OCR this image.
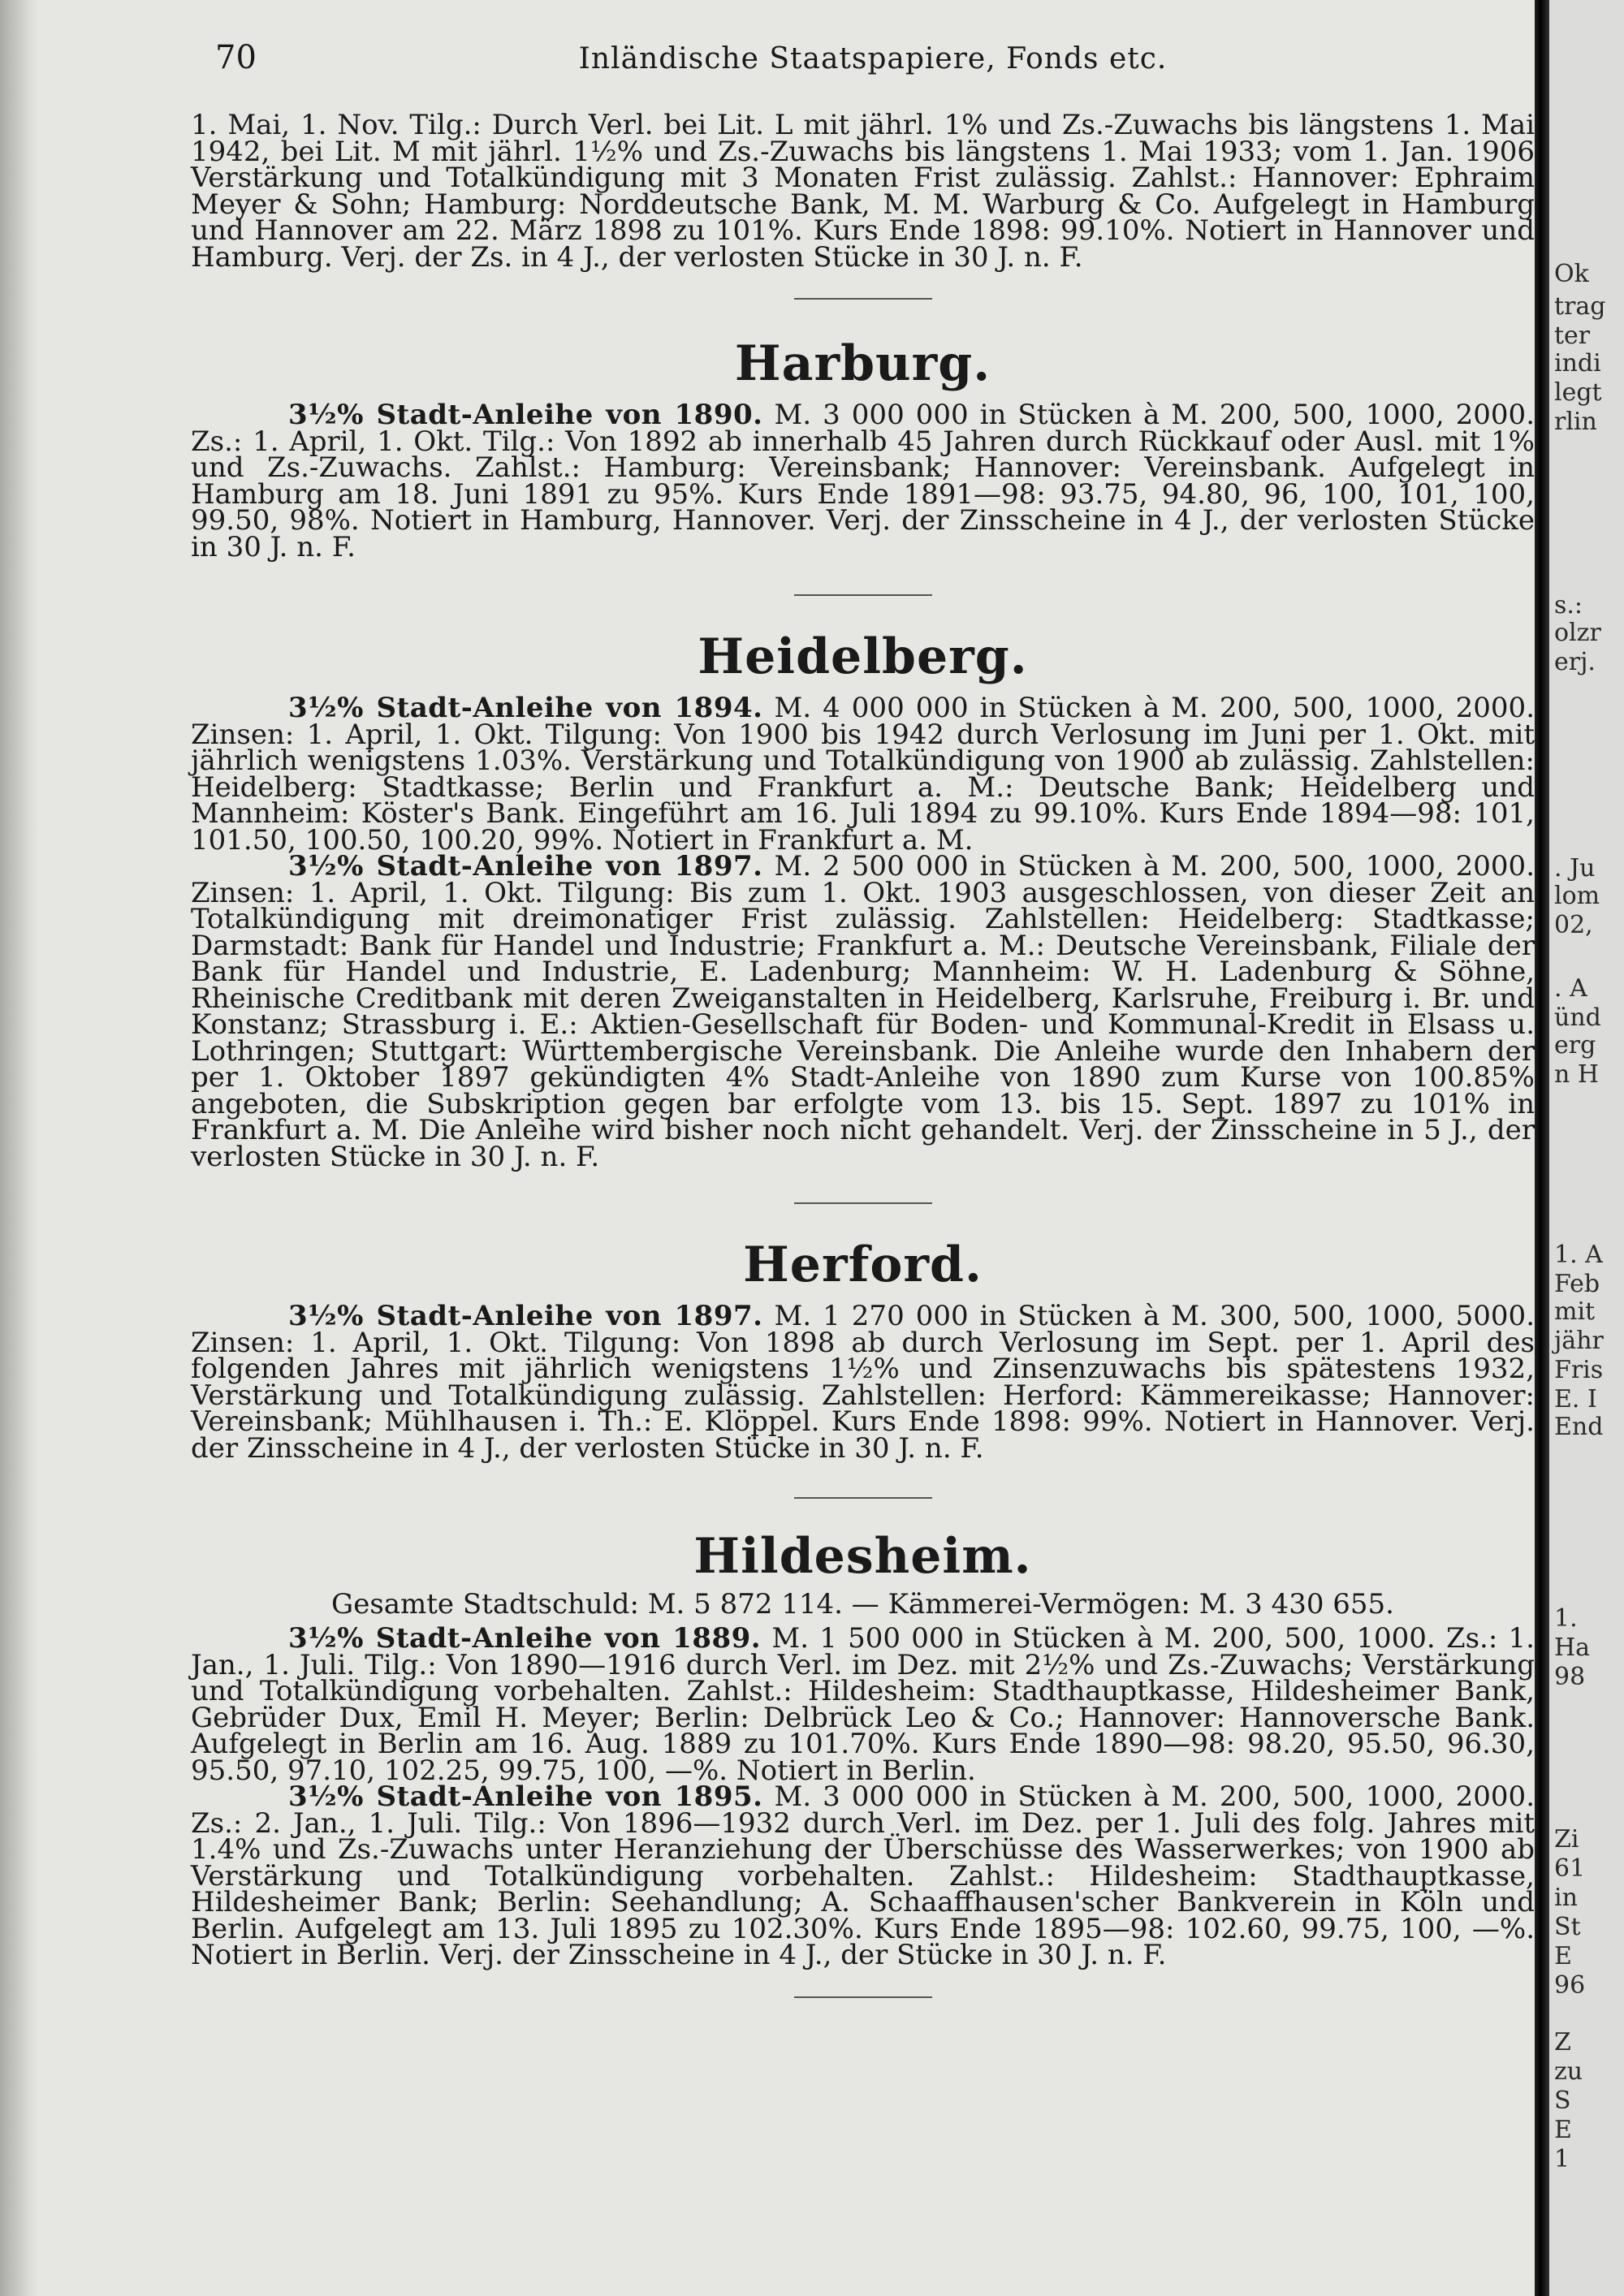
70	Inländische Staatspapiere, Fonds etc.

1. Mai, 1. Nov. Tilg.: Durch Verl. bei Lit. L mit jährl. 1% und Zs.-Zuwachs bis längstens 1. Mai 1942, bei Lit. M mit jährl. 1½% und Zs.-Zuwachs bis längstens 1. Mai 1933; vom 1. Jan. 1906 Verstärkung und Totalkündigung mit 3 Monaten Frist zulässig. Zahlst.: Hannover: Ephraim Meyer & Sohn; Hamburg: Norddeutsche Bank, M. M. Warburg & Co. Aufgelegt in Hamburg und Hannover am 22. März 1898 zu 101%. Kurs Ende 1898: 99.10%. Notiert in Hannover und Hamburg. Verj. der Zs. in 4 J., der verlosten Stücke in 30 J. n. F.

Harburg.

3½% Stadt-Anleihe von 1890. M. 3 000 000 in Stücken à M. 200, 500, 1000, 2000. Zs.: 1. April, 1. Okt. Tilg.: Von 1892 ab innerhalb 45 Jahren durch Rückkauf oder Ausl. mit 1% und Zs.-Zuwachs. Zahlst.: Hamburg: Vereinsbank; Hannover: Vereinsbank. Aufgelegt in Hamburg am 18. Juni 1891 zu 95%. Kurs Ende 1891—98: 93.75, 94.80, 96, 100, 101, 100, 99.50, 98%. Notiert in Hamburg, Hannover. Verj. der Zinsscheine in 4 J., der verlosten Stücke in 30 J. n. F.

Heidelberg.

3½% Stadt-Anleihe von 1894. M. 4 000 000 in Stücken à M. 200, 500, 1000, 2000. Zinsen: 1. April, 1. Okt. Tilgung: Von 1900 bis 1942 durch Verlosung im Juni per 1. Okt. mit jährlich wenigstens 1.03%. Verstärkung und Totalkündigung von 1900 ab zulässig. Zahlstellen: Heidelberg: Stadtkasse; Berlin und Frankfurt a. M.: Deutsche Bank; Heidelberg und Mannheim: Köster's Bank. Eingeführt am 16. Juli 1894 zu 99.10%. Kurs Ende 1894—98: 101, 101.50, 100.50, 100.20, 99%. Notiert in Frankfurt a. M.

3½% Stadt-Anleihe von 1897. M. 2 500 000 in Stücken à M. 200, 500, 1000, 2000. Zinsen: 1. April, 1. Okt. Tilgung: Bis zum 1. Okt. 1903 ausgeschlossen, von dieser Zeit an Totalkündigung mit dreimonatiger Frist zulässig. Zahlstellen: Heidelberg: Stadtkasse; Darmstadt: Bank für Handel und Industrie; Frankfurt a. M.: Deutsche Vereinsbank, Filiale der Bank für Handel und Industrie, E. Ladenburg; Mannheim: W. H. Ladenburg & Söhne, Rheinische Creditbank mit deren Zweiganstalten in Heidelberg, Karlsruhe, Freiburg i. Br. und Konstanz; Strassburg i. E.: Aktien-Gesellschaft für Boden- und Kommunal-Kredit in Elsass u. Lothringen; Stuttgart: Württembergische Vereinsbank. Die Anleihe wurde den Inhabern der per 1. Oktober 1897 gekündigten 4% Stadt-Anleihe von 1890 zum Kurse von 100.85% angeboten, die Subskription gegen bar erfolgte vom 13. bis 15. Sept. 1897 zu 101% in Frankfurt a. M. Die Anleihe wird bisher noch nicht gehandelt. Verj. der Zinsscheine in 5 J., der verlosten Stücke in 30 J. n. F.

Herford.

3½% Stadt-Anleihe von 1897. M. 1 270 000 in Stücken à M. 300, 500, 1000, 5000. Zinsen: 1. April, 1. Okt. Tilgung: Von 1898 ab durch Verlosung im Sept. per 1. April des folgenden Jahres mit jährlich wenigstens 1½% und Zinsenzuwachs bis spätestens 1932, Verstärkung und Totalkündigung zulässig. Zahlstellen: Herford: Kämmereikasse; Hannover: Vereinsbank; Mühlhausen i. Th.: E. Klöppel. Kurs Ende 1898: 99%. Notiert in Hannover. Verj. der Zinsscheine in 4 J., der verlosten Stücke in 30 J. n. F.

Hildesheim.
Gesamte Stadtschuld: M. 5 872 114. — Kämmerei-Vermögen: M. 3 430 655.

3½% Stadt-Anleihe von 1889. M. 1 500 000 in Stücken à M. 200, 500, 1000. Zs.: 1. Jan., 1. Juli. Tilg.: Von 1890—1916 durch Verl. im Dez. mit 2½% und Zs.-Zuwachs; Verstärkung und Totalkündigung vorbehalten. Zahlst.: Hildesheim: Stadthauptkasse, Hildesheimer Bank, Gebrüder Dux, Emil H. Meyer; Berlin: Delbrück Leo & Co.; Hannover: Hannoversche Bank. Aufgelegt in Berlin am 16. Aug. 1889 zu 101.70%. Kurs Ende 1890—98: 98.20, 95.50, 96.30, 95.50, 97.10, 102.25, 99.75, 100, —%. Notiert in Berlin.

3½% Stadt-Anleihe von 1895. M. 3 000 000 in Stücken à M. 200, 500, 1000, 2000. Zs.: 2. Jan., 1. Juli. Tilg.: Von 1896—1932 durch Verl. im Dez. per 1. Juli des folg. Jahres mit 1.4% und Zs.-Zuwachs unter Heranziehung der Überschüsse des Wasserwerkes; von 1900 ab Verstärkung und Totalkündigung vorbehalten. Zahlst.: Hildesheim: Stadthauptkasse, Hildesheimer Bank; Berlin: Seehandlung; A. Schaaffhausen'scher Bankverein in Köln und Berlin. Aufgelegt am 13. Juli 1895 zu 102.30%. Kurs Ende 1895—98: 102.60, 99.75, 100, —%. Notiert in Berlin. Verj. der Zinsscheine in 4 J., der Stücke in 30 J. n. F.

Ok
trag
ter
indi
legt
rlin
s.:
olzr
erj.
. Ju
lom
02,
. A
ünd
erg
n H
1. A
Feb
mit
jähr
Fris
E. I
End
1.
Ha
98
Zi
61
in
St
E
96
Z
zu
S
E
1
